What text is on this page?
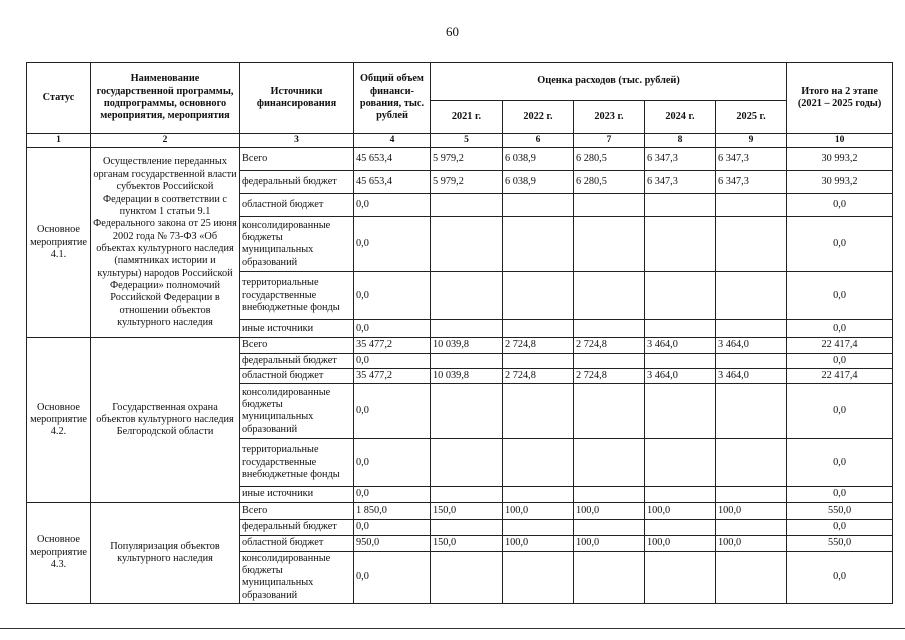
60
Статус	Наименование государственной программы, подпрограммы, основного мероприятия, мероприятия	Источники финансирования	Общий объем финанси-рования, тыс. рублей	Оценка расходов (тыс. рублей)					Итого на 2 этапе (2021 – 2025 годы)
				2021 г.	2022 г.	2023 г.	2024 г.	2025 г.	
1	2	3	4	5	6	7	8	9	10
Основное мероприятие 4.1.	Осуществление переданных органам государственной власти субъектов Российской Федерации в соответствии с пунктом 1 статьи 9.1 Федерального закона от 25 июня 2002 года № 73-ФЗ «Об объектах культурного наследия (памятниках истории и культуры) народов Российской Федерации» полномочий Российской Федерации в отношении объектов культурного наследия	Всего	45 653,4	5 979,2	6 038,9	6 280,5	6 347,3	6 347,3	30 993,2
		федеральный бюджет	45 653,4	5 979,2	6 038,9	6 280,5	6 347,3	6 347,3	30 993,2
		областной бюджет	0,0						0,0
		консолидированные бюджеты муниципальных образований	0,0						0,0
		территориальные государственные внебюджетные фонды	0,0						0,0
		иные источники	0,0						0,0
Основное мероприятие 4.2.	Государственная охрана объектов культурного наследия Белгородской области	Всего	35 477,2	10 039,8	2 724,8	2 724,8	3 464,0	3 464,0	22 417,4
		федеральный бюджет	0,0						0,0
		областной бюджет	35 477,2	10 039,8	2 724,8	2 724,8	3 464,0	3 464,0	22 417,4
		консолидированные бюджеты муниципальных образований	0,0						0,0
		территориальные государственные внебюджетные фонды	0,0						0,0
		иные источники	0,0						0,0
Основное мероприятие 4.3.	Популяризация объектов культурного наследия	Всего	1 850,0	150,0	100,0	100,0	100,0	100,0	550,0
		федеральный бюджет	0,0						0,0
		областной бюджет	950,0	150,0	100,0	100,0	100,0	100,0	550,0
		консолидированные бюджеты муниципальных образований	0,0						0,0
